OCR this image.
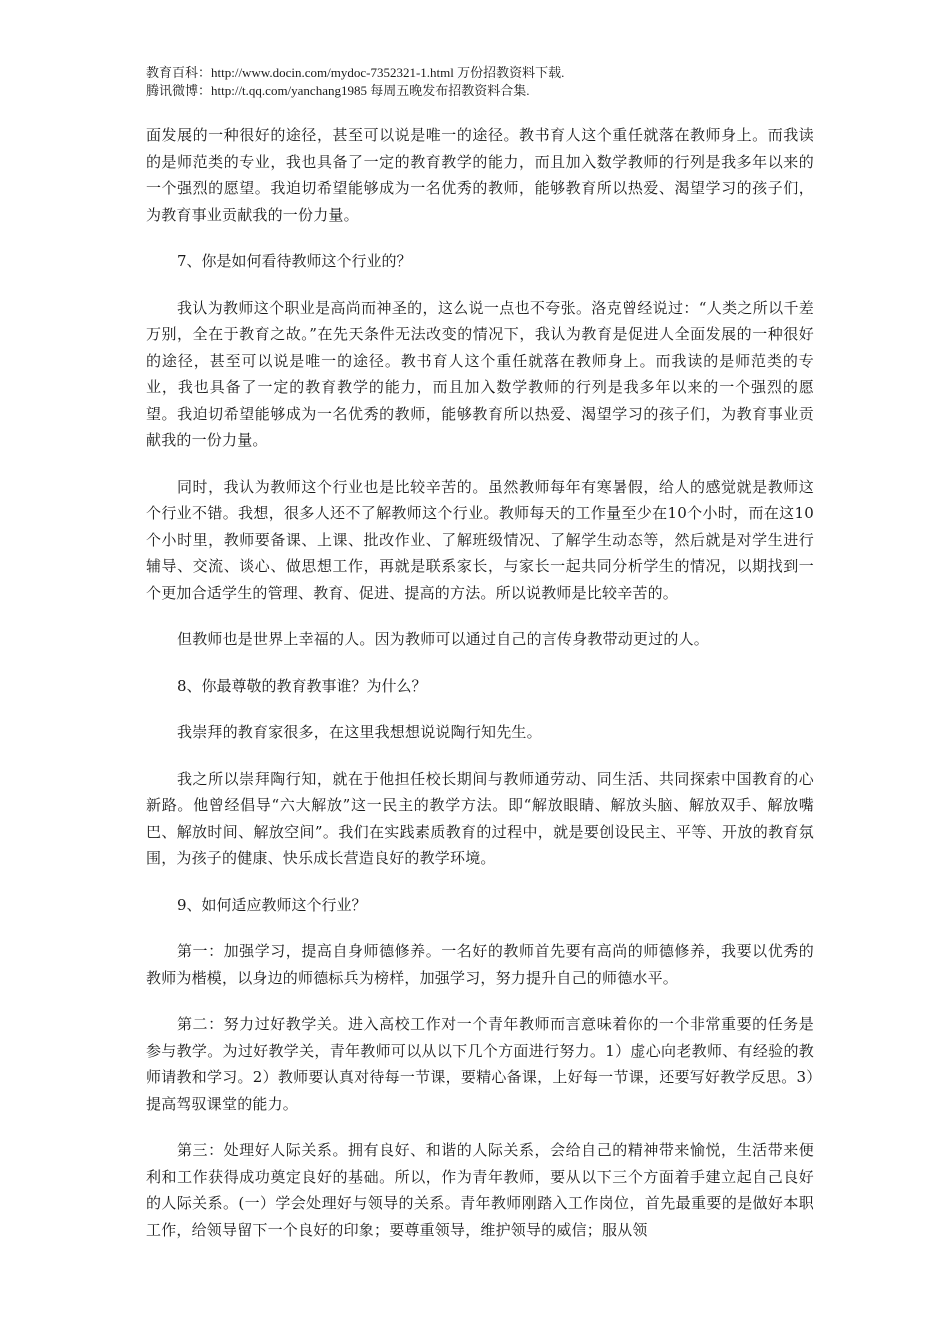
教育百科：http://www.docin.com/mydoc-7352321-1.html 万份招教资料下载.

腾讯微博：http://t.qq.com/yanchang1985 每周五晚发布招教资料合集.

面发展的一种很好的途径，甚至可以说是唯一的途径。教书育人这个重任就落在教师身上。而我读的是师范类的专业，我也具备了一定的教育教学的能力，而且加入数学教师的行列是我多年以来的一个强烈的愿望。我迫切希望能够成为一名优秀的教师，能够教育所以热爱、渴望学习的孩子们，为教育事业贡献我的一份力量。

7、你是如何看待教师这个行业的？

我认为教师这个职业是高尚而神圣的，这么说一点也不夸张。洛克曾经说过：“人类之所以千差万别，全在于教育之故。”在先天条件无法改变的情况下，我认为教育是促进人全面发展的一种很好的途径，甚至可以说是唯一的途径。教书育人这个重任就落在教师身上。而我读的是师范类的专业，我也具备了一定的教育教学的能力，而且加入数学教师的行列是我多年以来的一个强烈的愿望。我迫切希望能够成为一名优秀的教师，能够教育所以热爱、渴望学习的孩子们，为教育事业贡献我的一份力量。

同时，我认为教师这个行业也是比较辛苦的。虽然教师每年有寒暑假，给人的感觉就是教师这个行业不错。我想，很多人还不了解教师这个行业。教师每天的工作量至少在10个小时，而在这10个小时里，教师要备课、上课、批改作业、了解班级情况、了解学生动态等，然后就是对学生进行辅导、交流、谈心、做思想工作，再就是联系家长，与家长一起共同分析学生的情况，以期找到一个更加合适学生的管理、教育、促进、提高的方法。所以说教师是比较辛苦的。

但教师也是世界上幸福的人。因为教师可以通过自己的言传身教带动更过的人。

8、你最尊敬的教育教事谁？为什么？

我崇拜的教育家很多，在这里我想想说说陶行知先生。

我之所以崇拜陶行知，就在于他担任校长期间与教师通劳动、同生活、共同探索中国教育的心新路。他曾经倡导“六大解放”这一民主的教学方法。即“解放眼睛、解放头脑、解放双手、解放嘴巴、解放时间、解放空间”。我们在实践素质教育的过程中，就是要创设民主、平等、开放的教育氛围，为孩子的健康、快乐成长营造良好的教学环境。

9、如何适应教师这个行业？

第一：加强学习，提高自身师德修养。一名好的教师首先要有高尚的师德修养，我要以优秀的教师为楷模，以身边的师德标兵为榜样，加强学习，努力提升自己的师德水平。

第二：努力过好教学关。进入高校工作对一个青年教师而言意味着你的一个非常重要的任务是参与教学。为过好教学关，青年教师可以从以下几个方面进行努力。1）虚心向老教师、有经验的教师请教和学习。2）教师要认真对待每一节课，要精心备课，上好每一节课，还要写好教学反思。3）提高驾驭课堂的能力。

第三：处理好人际关系。拥有良好、和谐的人际关系，会给自己的精神带来愉悦，生活带来便利和工作获得成功奠定良好的基础。所以，作为青年教师，要从以下三个方面着手建立起自己良好的人际关系。(一）学会处理好与领导的关系。青年教师刚踏入工作岗位，首先最重要的是做好本职工作，给领导留下一个良好的印象；要尊重领导，维护领导的威信；服从领
